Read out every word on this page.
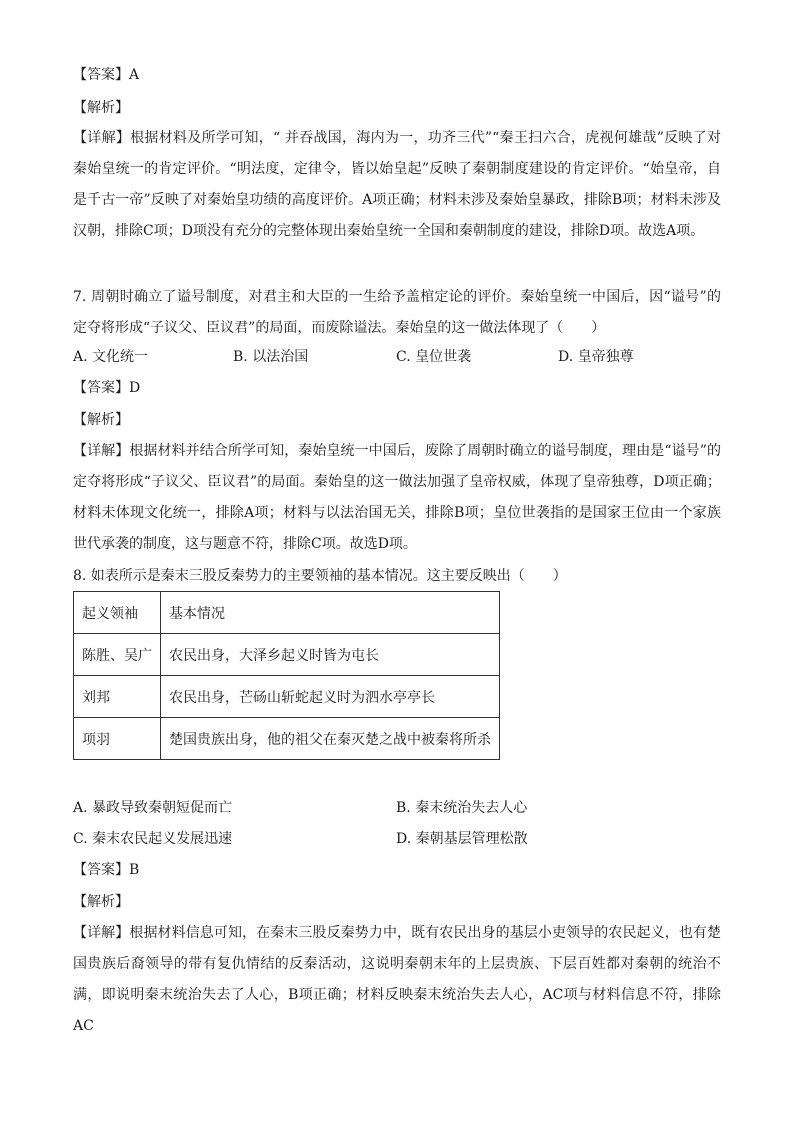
【答案】A
【解析】
【详解】根据材料及所学可知，“ 并吞战国，海内为一，功齐三代”“秦王扫六合，虎视何雄哉”反映了对秦始皇统一的肯定评价。“明法度，定律令，皆以始皇起”反映了秦朝制度建设的肯定评价。“始皇帝，自是千古一帝”反映了对秦始皇功绩的高度评价。A项正确；材料未涉及秦始皇暴政，排除B项；材料未涉及汉朝，排除C项；D项没有充分的完整体现出秦始皇统一全国和秦朝制度的建设，排除D项。故选A项。
7. 周朝时确立了谥号制度，对君主和大臣的一生给予盖棺定论的评价。秦始皇统一中国后，因“谥号”的定夺将形成“子议父、臣议君”的局面，而废除谥法。秦始皇的这一做法体现了（　　）
A. 文化统一	B. 以法治国	C. 皇位世袭	D. 皇帝独尊
【答案】D
【解析】
【详解】根据材料并结合所学可知，秦始皇统一中国后，废除了周朝时确立的谥号制度，理由是“谥号”的定夺将形成“子议父、臣议君”的局面。秦始皇的这一做法加强了皇帝权威，体现了皇帝独尊，D项正确；材料未体现文化统一，排除A项；材料与以法治国无关，排除B项；皇位世袭指的是国家王位由一个家族世代承袭的制度，这与题意不符，排除C项。故选D项。
8. 如表所示是秦末三股反秦势力的主要领袖的基本情况。这主要反映出（　　）
起义领袖	基本情况
陈胜、吴广	农民出身，大泽乡起义时皆为屯长
刘邦	农民出身，芒砀山斩蛇起义时为泗水亭亭长
项羽	楚国贵族出身，他的祖父在秦灭楚之战中被秦将所杀
A. 暴政导致秦朝短促而亡	B. 秦末统治失去人心
C. 秦末农民起义发展迅速	D. 秦朝基层管理松散
【答案】B
【解析】
【详解】根据材料信息可知，在秦末三股反秦势力中，既有农民出身的基层小吏领导的农民起义，也有楚国贵族后裔领导的带有复仇情结的反秦活动，这说明秦朝末年的上层贵族、下层百姓都对秦朝的统治不满，即说明秦末统治失去了人心，B项正确；材料反映秦末统治失去人心，AC项与材料信息不符，排除AC
